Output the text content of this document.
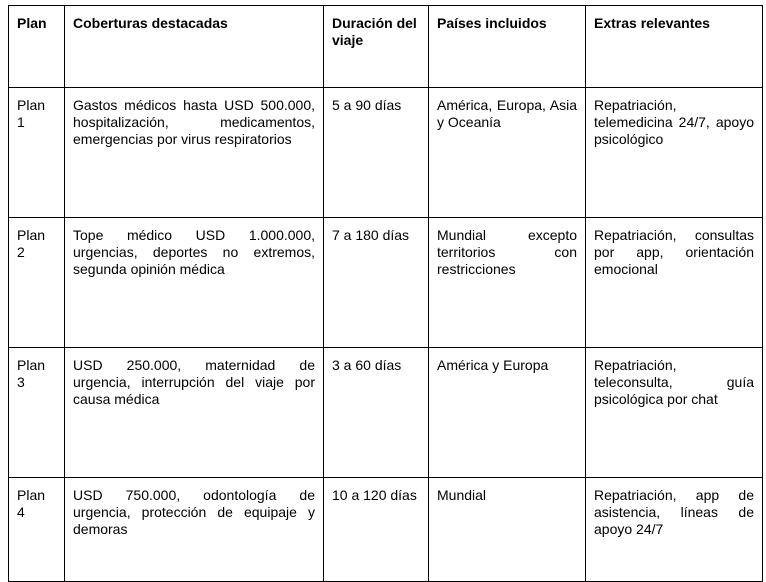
Plan	Coberturas destacadas	Duración del viaje	Países incluidos	Extras relevantes
Plan 1	Gastos médicos hasta USD 500.000, hospitalización, medicamentos, emergencias por virus respiratorios	5 a 90 días	América, Europa, Asia y Oceanía	Repatriación, telemedicina 24/7, apoyo psicológico
Plan 2	Tope médico USD 1.000.000, urgencias, deportes no extremos, segunda opinión médica	7 a 180 días	Mundial excepto territorios con restricciones	Repatriación, consultas por app, orientación emocional
Plan 3	USD 250.000, maternidad de urgencia, interrupción del viaje por causa médica	3 a 60 días	América y Europa	Repatriación, teleconsulta, guía psicológica por chat
Plan 4	USD 750.000, odontología de urgencia, protección de equipaje y demoras	10 a 120 días	Mundial	Repatriación, app de asistencia, líneas de apoyo 24/7
